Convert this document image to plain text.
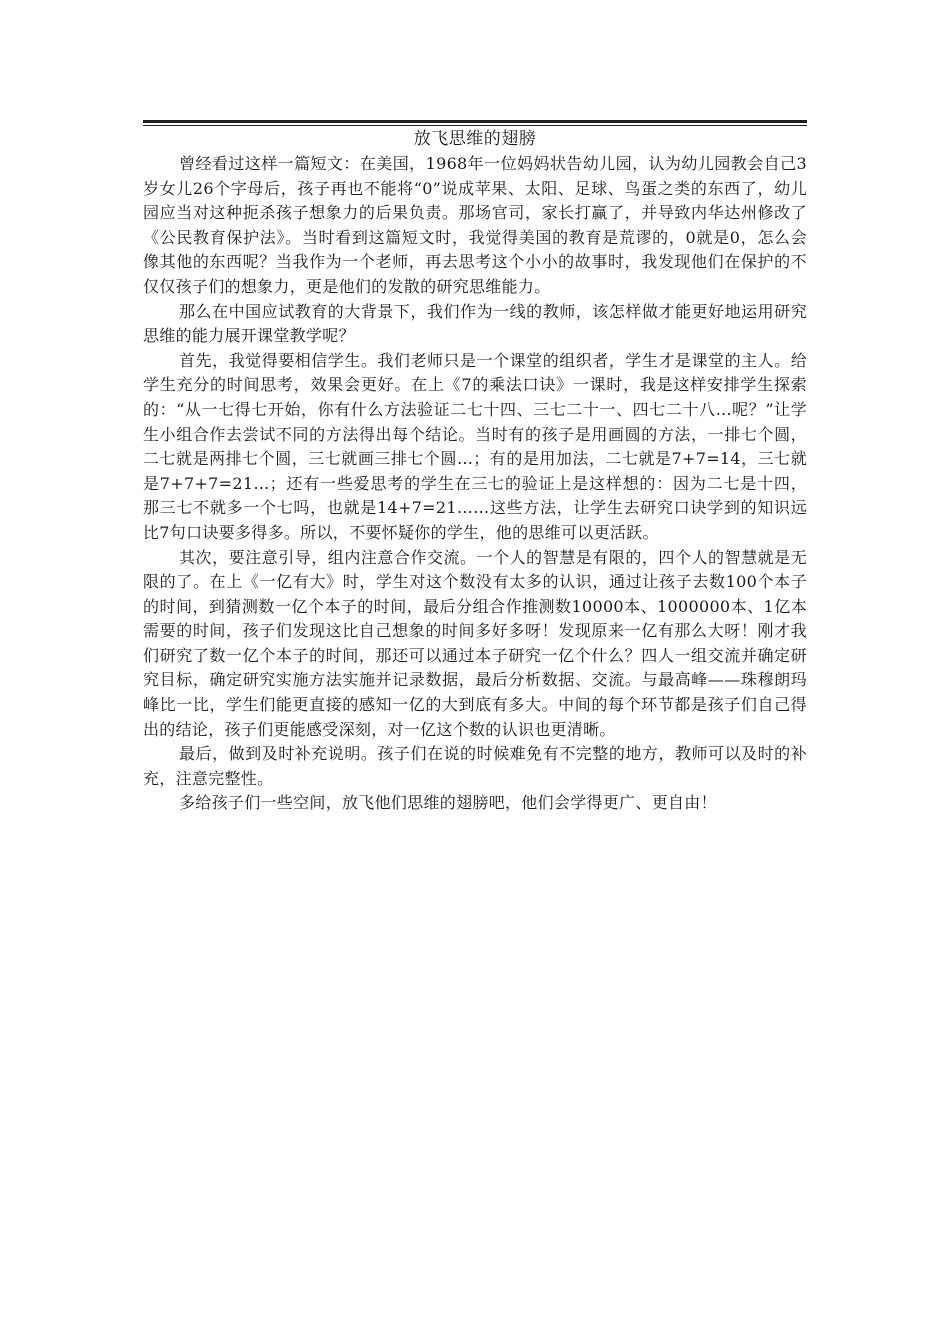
放飞思维的翅膀

曾经看过这样一篇短文：在美国，1968年一位妈妈状告幼儿园，认为幼儿园教会自己3岁女儿26个字母后，孩子再也不能将“0”说成苹果、太阳、足球、鸟蛋之类的东西了，幼儿园应当对这种扼杀孩子想象力的后果负责。那场官司，家长打赢了，并导致内华达州修改了《公民教育保护法》。当时看到这篇短文时，我觉得美国的教育是荒谬的，0就是0，怎么会像其他的东西呢？当我作为一个老师，再去思考这个小小的故事时，我发现他们在保护的不仅仅孩子们的想象力，更是他们的发散的研究思维能力。

那么在中国应试教育的大背景下，我们作为一线的教师，该怎样做才能更好地运用研究思维的能力展开课堂教学呢？

首先，我觉得要相信学生。我们老师只是一个课堂的组织者，学生才是课堂的主人。给学生充分的时间思考，效果会更好。在上《7的乘法口诀》一课时，我是这样安排学生探索的：“从一七得七开始，你有什么方法验证二七十四、三七二十一、四七二十八…呢？”让学生小组合作去尝试不同的方法得出每个结论。当时有的孩子是用画圆的方法，一排七个圆，二七就是两排七个圆，三七就画三排七个圆…；有的是用加法，二七就是7+7=14，三七就是7+7+7=21…；还有一些爱思考的学生在三七的验证上是这样想的：因为二七是十四，那三七不就多一个七吗，也就是14+7=21……这些方法，让学生去研究口诀学到的知识远比7句口诀要多得多。所以，不要怀疑你的学生，他的思维可以更活跃。

其次，要注意引导，组内注意合作交流。一个人的智慧是有限的，四个人的智慧就是无限的了。在上《一亿有大》时，学生对这个数没有太多的认识，通过让孩子去数100个本子的时间，到猜测数一亿个本子的时间，最后分组合作推测数10000本、1000000本、1亿本需要的时间，孩子们发现这比自己想象的时间多好多呀！发现原来一亿有那么大呀！刚才我们研究了数一亿个本子的时间，那还可以通过本子研究一亿个什么？四人一组交流并确定研究目标，确定研究实施方法实施并记录数据，最后分析数据、交流。与最高峰——珠穆朗玛峰比一比，学生们能更直接的感知一亿的大到底有多大。中间的每个环节都是孩子们自己得出的结论，孩子们更能感受深刻，对一亿这个数的认识也更清晰。

最后，做到及时补充说明。孩子们在说的时候难免有不完整的地方，教师可以及时的补充，注意完整性。

多给孩子们一些空间，放飞他们思维的翅膀吧，他们会学得更广、更自由！
